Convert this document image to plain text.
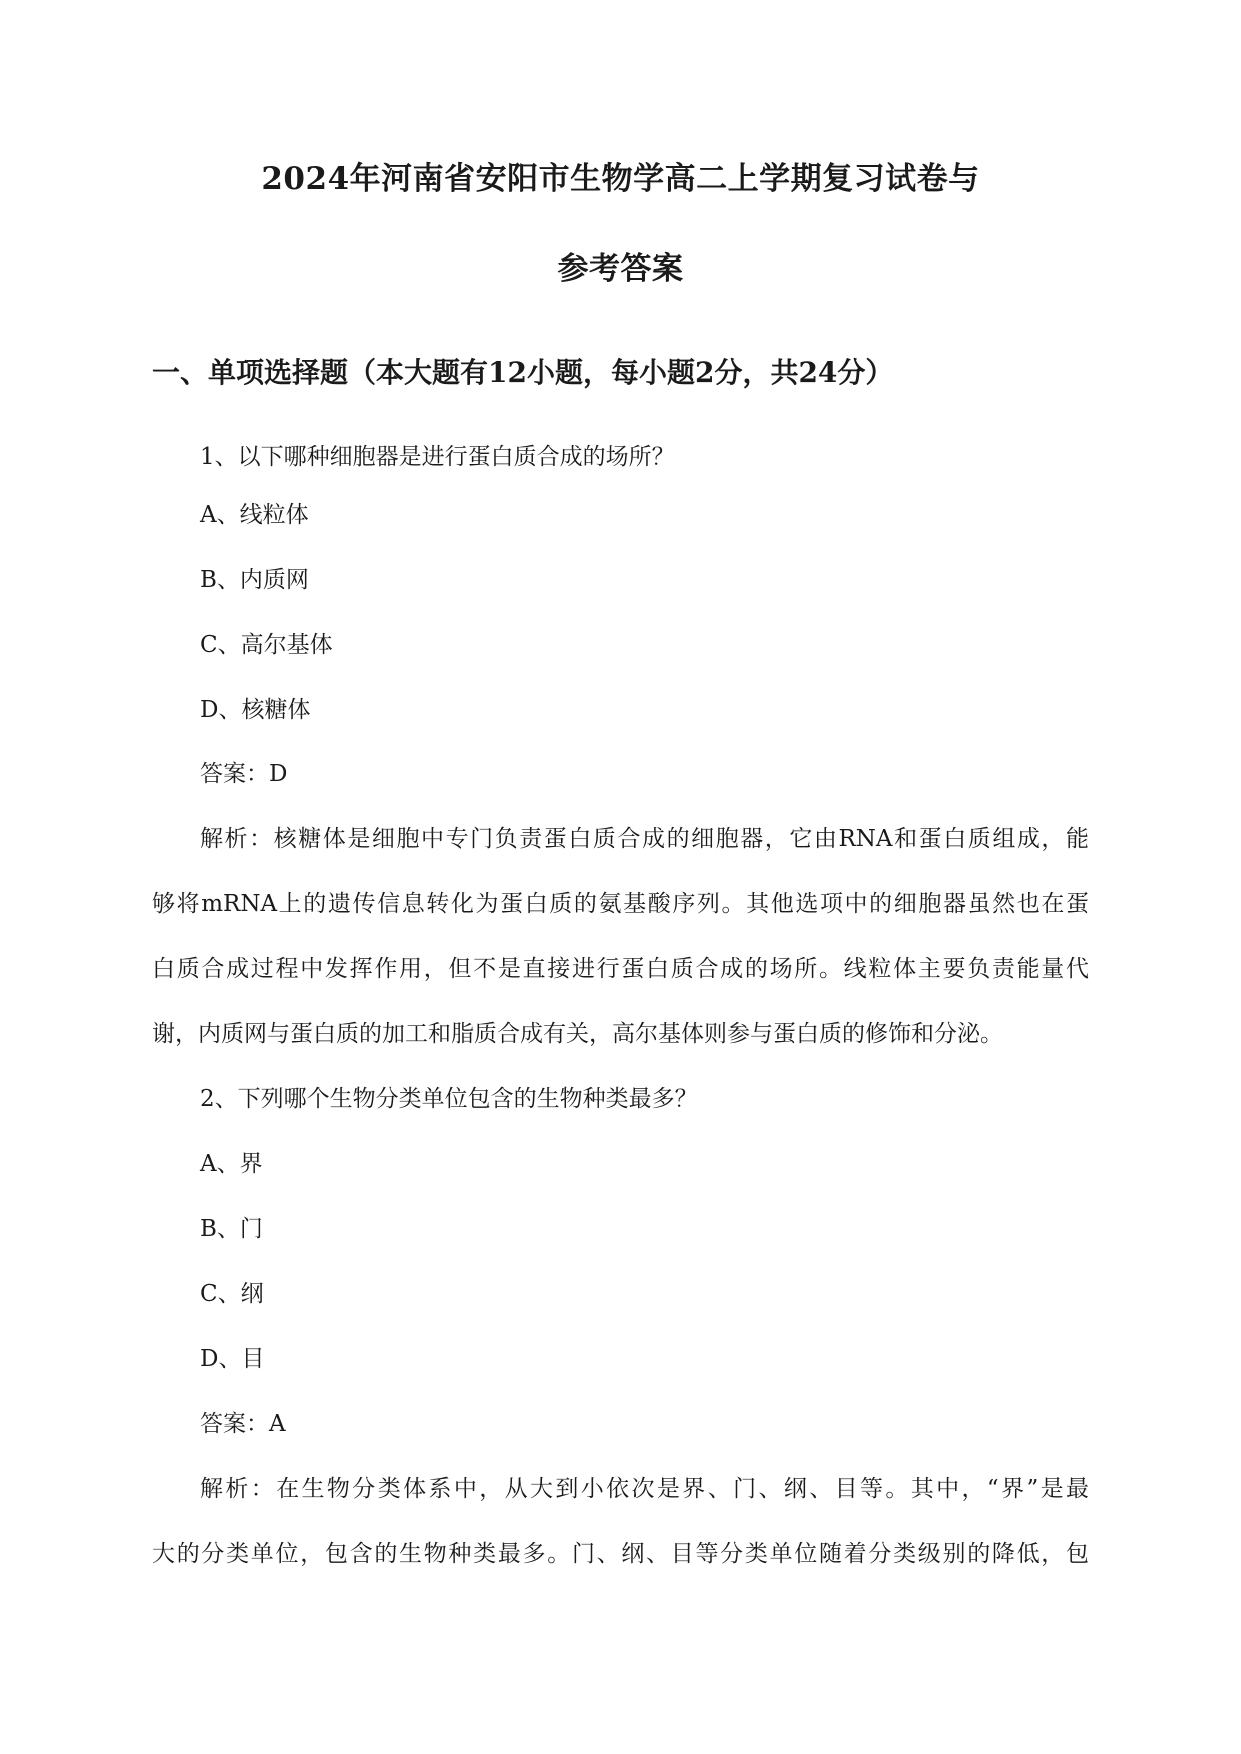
2024年河南省安阳市生物学高二上学期复习试卷与
参考答案
一、单项选择题（本大题有12小题，每小题2分，共24分）
1、以下哪种细胞器是进行蛋白质合成的场所？
A、线粒体
B、内质网
C、高尔基体
D、核糖体
答案：D
解析：核糖体是细胞中专门负责蛋白质合成的细胞器，它由RNA和蛋白质组成，能
够将mRNA上的遗传信息转化为蛋白质的氨基酸序列。其他选项中的细胞器虽然也在蛋
白质合成过程中发挥作用，但不是直接进行蛋白质合成的场所。线粒体主要负责能量代
谢，内质网与蛋白质的加工和脂质合成有关，高尔基体则参与蛋白质的修饰和分泌。
2、下列哪个生物分类单位包含的生物种类最多？
A、界
B、门
C、纲
D、目
答案：A
解析：在生物分类体系中，从大到小依次是界、门、纲、目等。其中，“界”是最
大的分类单位，包含的生物种类最多。门、纲、目等分类单位随着分类级别的降低，包
